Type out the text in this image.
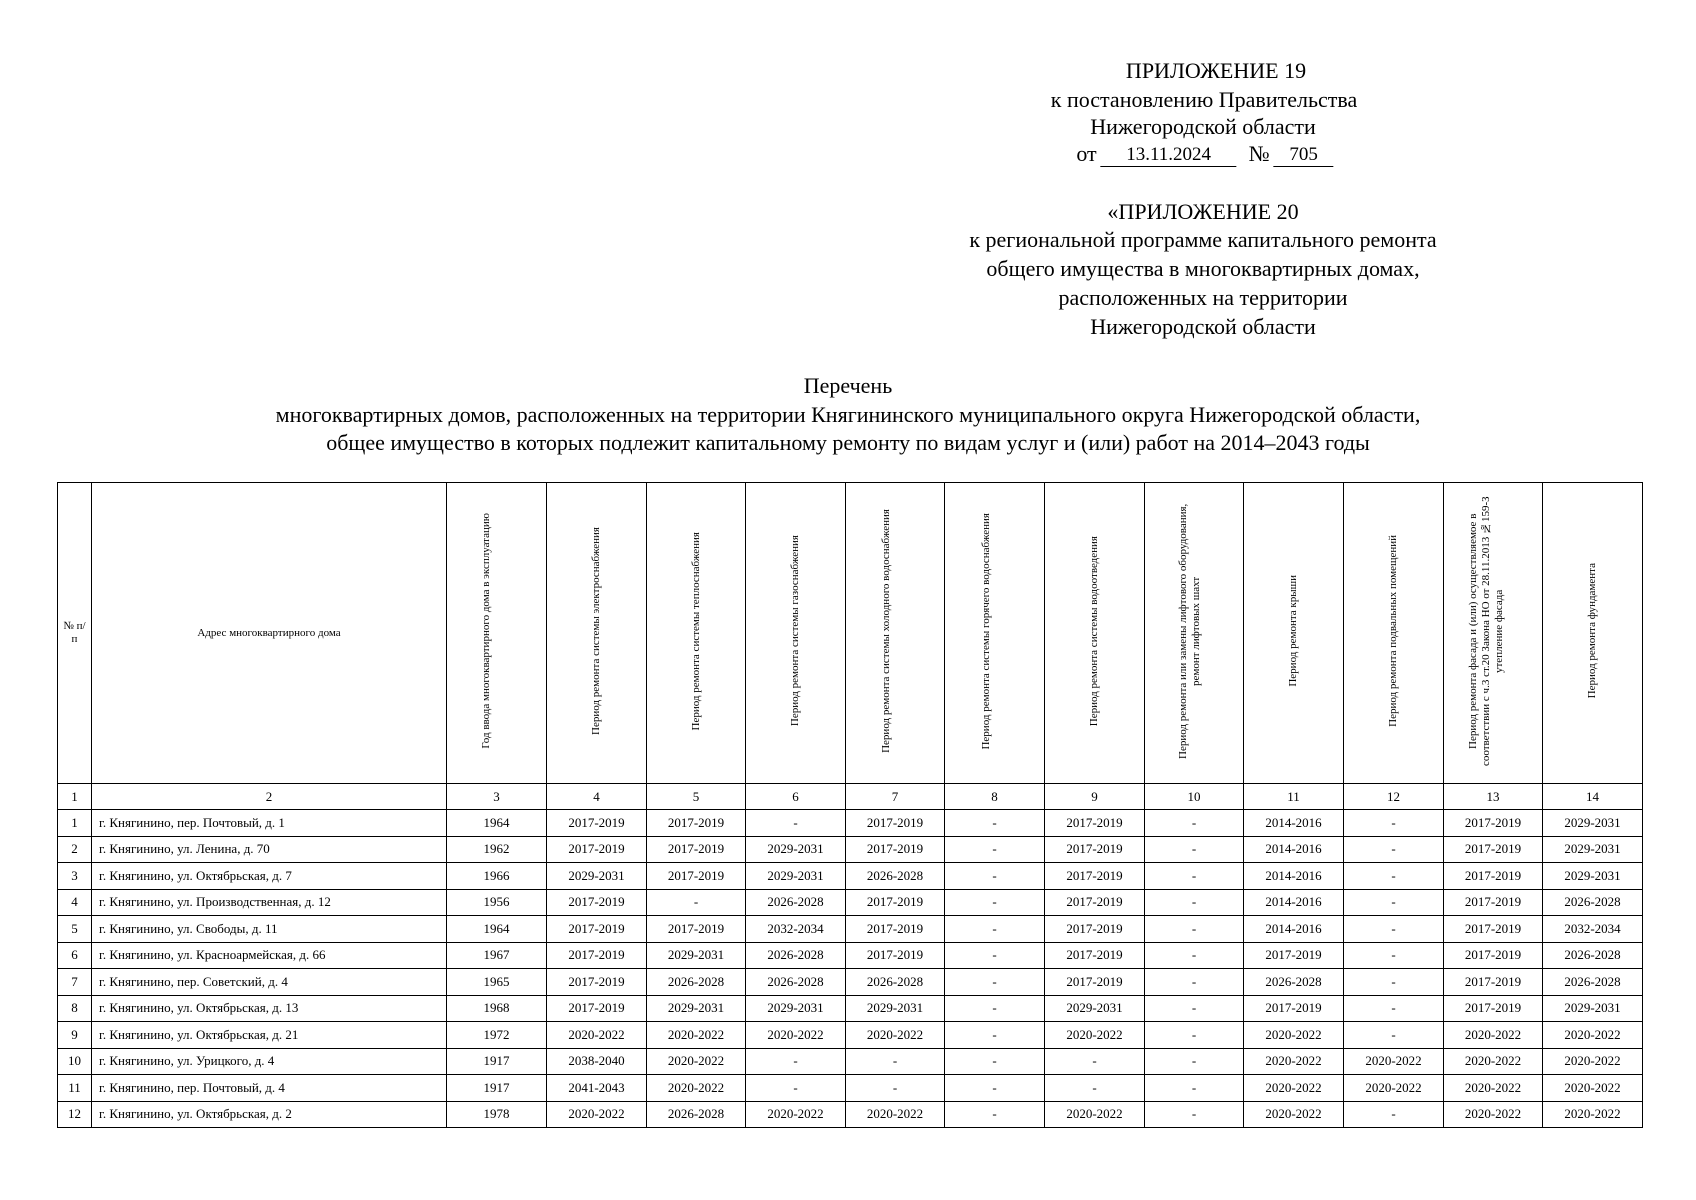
ПРИЛОЖЕНИЕ 19
к постановлению Правительства
Нижегородской области
от	13.11.2024	№	705
«ПРИЛОЖЕНИЕ 20
к региональной программе капитального ремонта
общего имущества в многоквартирных домах,
расположенных на территории
Нижегородской области
Перечень
многоквартирных домов, расположенных на территории Княгининского муниципального округа Нижегородской области,
общее имущество в которых подлежит капитальному ремонту по видам услуг и (или) работ на 2014–2043 годы
№ п/п	Адрес многоквартирного дома	Год ввода многоквартирного дома в эксплуатацию	Период ремонта системы электроснабжения	Период ремонта системы теплоснабжения	Период ремонта системы газоснабжения	Период ремонта системы холодного водоснабжения	Период ремонта системы горячего водоснабжения	Период ремонта системы водоотведения	Период ремонта или замены лифтового оборудования, ремонт лифтовых шахт	Период ремонта крыши	Период ремонта подвальных помещений	Период ремонта фасада и (или) осуществляемое в соответствии с ч.3 ст.20 Закона НО от 28.11.2013 №159-З утепление фасада	Период ремонта фундамента
1	2	3	4	5	6	7	8	9	10	11	12	13	14
1	г. Княгинино, пер. Почтовый, д. 1	1964	2017-2019	2017-2019	-	2017-2019	-	2017-2019	-	2014-2016	-	2017-2019	2029-2031
2	г. Княгинино, ул. Ленина, д. 70	1962	2017-2019	2017-2019	2029-2031	2017-2019	-	2017-2019	-	2014-2016	-	2017-2019	2029-2031
3	г. Княгинино, ул. Октябрьская, д. 7	1966	2029-2031	2017-2019	2029-2031	2026-2028	-	2017-2019	-	2014-2016	-	2017-2019	2029-2031
4	г. Княгинино, ул. Производственная, д. 12	1956	2017-2019	-	2026-2028	2017-2019	-	2017-2019	-	2014-2016	-	2017-2019	2026-2028
5	г. Княгинино, ул. Свободы, д. 11	1964	2017-2019	2017-2019	2032-2034	2017-2019	-	2017-2019	-	2014-2016	-	2017-2019	2032-2034
6	г. Княгинино, ул. Красноармейская, д. 66	1967	2017-2019	2029-2031	2026-2028	2017-2019	-	2017-2019	-	2017-2019	-	2017-2019	2026-2028
7	г. Княгинино, пер. Советский, д. 4	1965	2017-2019	2026-2028	2026-2028	2026-2028	-	2017-2019	-	2026-2028	-	2017-2019	2026-2028
8	г. Княгинино, ул. Октябрьская, д. 13	1968	2017-2019	2029-2031	2029-2031	2029-2031	-	2029-2031	-	2017-2019	-	2017-2019	2029-2031
9	г. Княгинино, ул. Октябрьская, д. 21	1972	2020-2022	2020-2022	2020-2022	2020-2022	-	2020-2022	-	2020-2022	-	2020-2022	2020-2022
10	г. Княгинино, ул. Урицкого, д. 4	1917	2038-2040	2020-2022	-	-	-	-	-	2020-2022	2020-2022	2020-2022	2020-2022
11	г. Княгинино, пер. Почтовый, д. 4	1917	2041-2043	2020-2022	-	-	-	-	-	2020-2022	2020-2022	2020-2022	2020-2022
12	г. Княгинино, ул. Октябрьская, д. 2	1978	2020-2022	2026-2028	2020-2022	2020-2022	-	2020-2022	-	2020-2022	-	2020-2022	2020-2022
